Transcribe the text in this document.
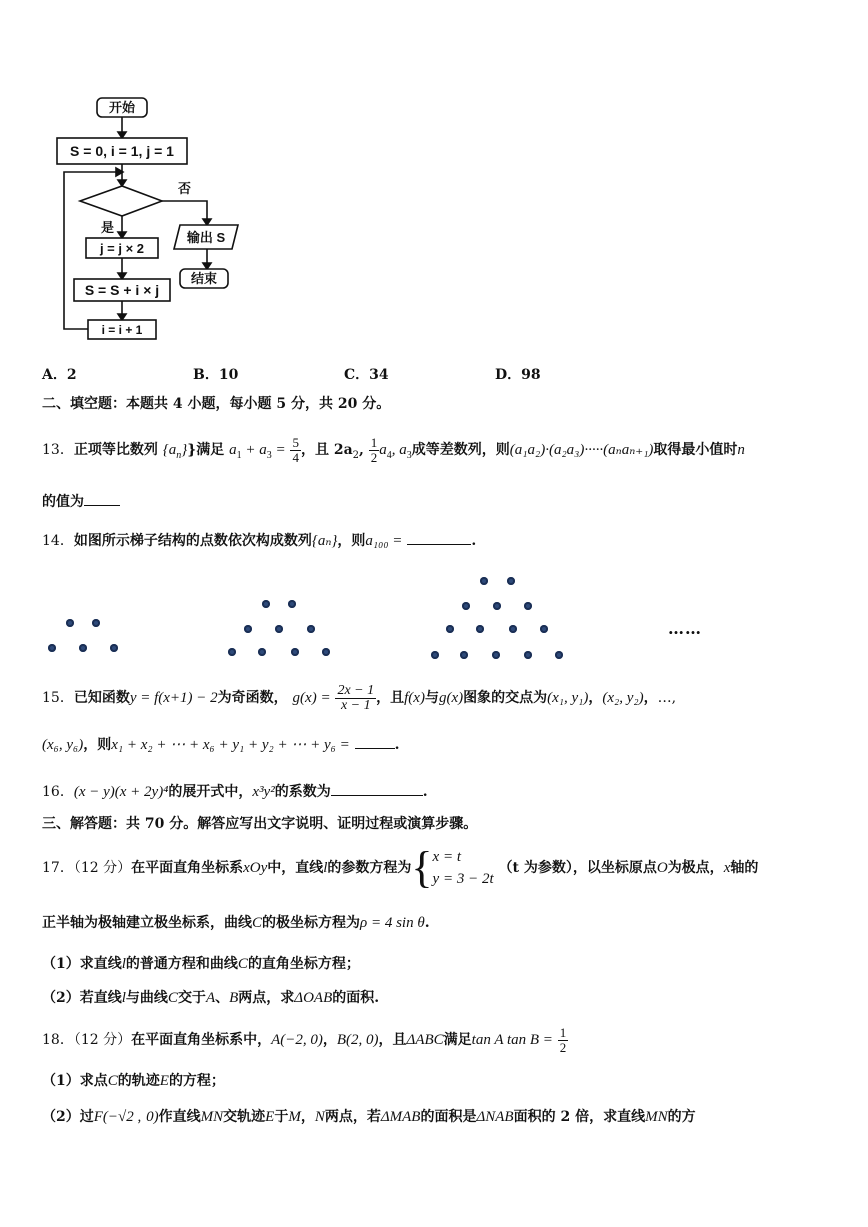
开始
S = 0, i = 1, j = 1
否
是
j = j × 2
S = S + i × j
i = i + 1
输出 S
结束
A．2	B．10	C．34	D．98
二、填空题：本题共 4 小题，每小题 5 分，共 20 分。
13．正项等比数列 $\{a_n\}$}满足 $a_1 + a_3 = \frac{5}{4}$ ，且 $2a_2$, $\frac{1}{2} a_4$, $a_3$成等差数列，则(a₁a₂)·(a₂a₃)·····(aₙaₙ₊₁)取得最小值时n
的值为
14．如图所示梯子结构的点数依次构成数列{aₙ}，则a₁₀₀ =	.
……
15．已知函数y = f(x+1) − 2为奇函数， $g(x) = \frac{2x - 1}{x - 1}$ ，且f(x)与g(x)图象的交点为(x₁, y₁)，(x₂, y₂)，…,
(x₆, y₆)，则x₁ + x₂ + ⋯ + x₆ + y₁ + y₂ + ⋯ + y₆ =	.
16．(x − y)(x + 2y)⁴的展开式中，x³y²的系数为	.
三、解答题：共 70 分。解答应写出文字说明、证明过程或演算步骤。
17．（12 分）在平面直角坐标系xOy中，直线l的参数方程为{ x = t
y = 3 − 2t
（t 为参数），以坐标原点O为极点，x轴的
正半轴为极轴建立极坐标系，曲线C的极坐标方程为ρ = 4 sin θ.
（1）求直线l的普通方程和曲线C的直角坐标方程；
（2）若直线l与曲线C交于A、B两点，求ΔOAB的面积.
18．（12 分）在平面直角坐标系中，A(−2, 0)，B(2, 0)，且ΔABC满足tan A $\tan B = \frac{1}{2}$
（1）求点C的轨迹E的方程；
（2）过F(−√2 , 0)作直线MN交轨迹E于M，N两点，若ΔMAB的面积是ΔNAB面积的 2 倍，求直线MN的方
